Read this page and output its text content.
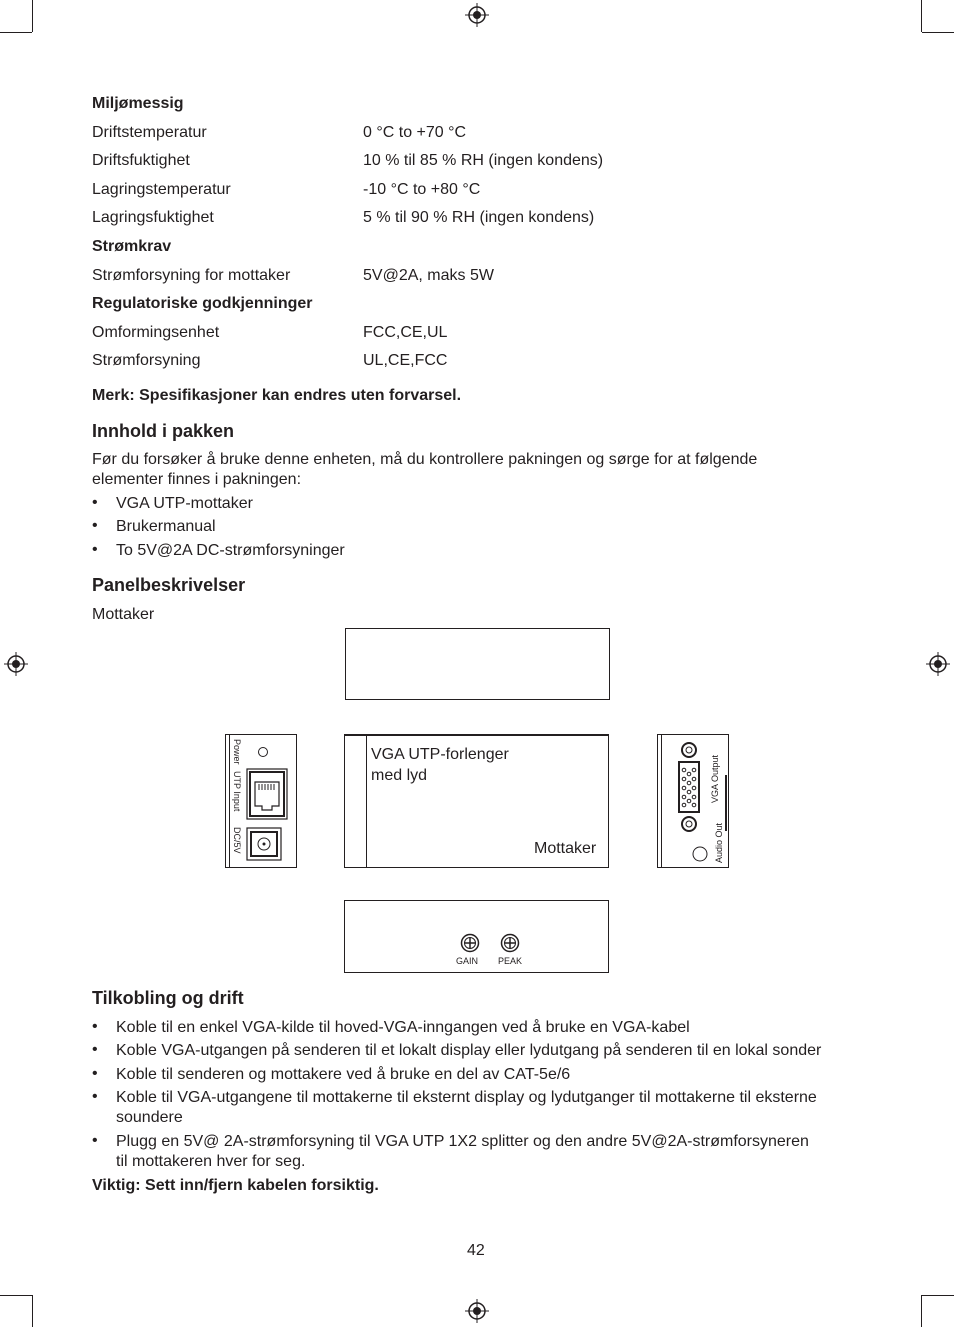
Miljømessig
Driftstemperatur	0 °C to +70 °C
Driftsfuktighet	10 % til 85 % RH (ingen kondens)
Lagringstemperatur	-10 °C to +80 °C
Lagringsfuktighet	5 % til 90 % RH (ingen kondens)
Strømkrav
Strømforsyning for mottaker	5V@2A, maks 5W
Regulatoriske godkjenninger
Omformingsenhet	FCC,CE,UL
Strømforsyning	UL,CE,FCC
Merk: Spesifikasjoner kan endres uten forvarsel.
Innhold i pakken
Før du forsøker å bruke denne enheten, må du kontrollere pakningen og sørge for at følgende
elementer finnes i pakningen:
• VGA UTP-mottaker
• Brukermanual
• To 5V@2A DC-strømforsyninger
Panelbeskrivelser
Mottaker
Power
UTP Input
DC/5V
VGA UTP-forlenger
med lyd
Mottaker
VGA Output
Audio Out
GAIN PEAK
Tilkobling og drift
• Koble til en enkel VGA-kilde til hoved-VGA-inngangen ved å bruke en VGA-kabel
• Koble VGA-utgangen på senderen til et lokalt display eller lydutgang på senderen til en lokal sonder
• Koble til senderen og mottakere ved å bruke en del av CAT-5e/6
• Koble til VGA-utgangene til mottakerne til eksternt display og lydutganger til mottakerne til eksterne
soundere
• Plugg en 5V@ 2A-strømforsyning til VGA UTP 1X2 splitter og den andre 5V@2A-strømforsyneren
til mottakeren hver for seg.
Viktig: Sett inn/fjern kabelen forsiktig.
42
